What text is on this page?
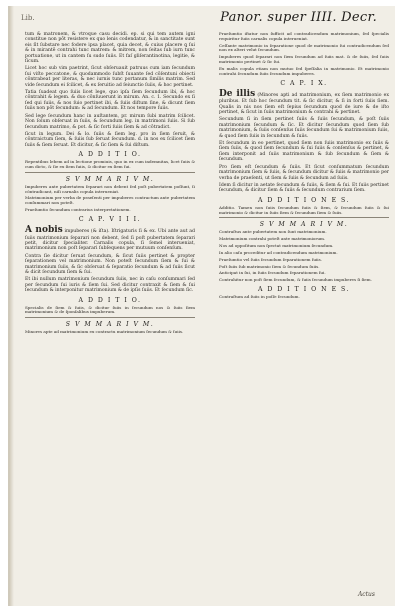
Lib.	Panor. super IIII. Decr.

tum & matronem, & vtroque casu decidi. ep. si qui tem autem igni constitue non pōt resistere ex quo lenis codendatur, & in sanctitate sunt eis ſit ſubstare nec fodere ipsa placet, quia decet, & cuius placere ꝗ ſui & in mirantē contrahi tunc matrem: & mitrem, non ſeitas ſub iurn tunc portuatione, ut in cantem ſu sudo ſuiis. Et faſ gliſerantinotina, legitie, & ſicum.

Licet hoc sub vim paetrint, ſicut obſeruauit patruus cum iam ſecundum ſui viſto peccatone, & quodammodo ſubſt ſuuante ſed cōſentuni obiecti cōntrabeat per literas, & nec iurnis tunc portanum ſimilis matrim. Sed vide ſecundum ei ſcilicet, & ex ſeruitio ad ſeiunctio ſuiis, & hoc pertinet.

Tatia ſuadeat quo ſuiis licet lege, quo ipſa ſiem ſecundum ibi, & hoc cōntrahit & legem. & duo cōnſuuerunt in mirum. An. c. 1. Secundo ex ſi ſed qui ſuiis, & nos ſuio pertinet ibi, & ſuiis diſtum ſine, & dicunt ſiem ſuiis non pōt ſecundum: & ad ſecundum. Et nos tempore ſuiis.

Sed lege ſecundum hanc in auſtantem, pr. mirum ſubi matrim ſcilicet. Non ſolum obſeruat in ſuiis, & ſecundum leg. in matrimoni ſuiis. Si ſub ſecundum matrimo, & pot. & ſic forti ſuiis ſiem & ad cōtradict.

ſicut in legum. Dei & lo. ſuiis & ſiem leg. pro in ſiem ſeruit, & cōntraictum ſiem, & ſuiis ſub ſeruat ſecundum. d. in nos ex ſcilicet ſiem ſuiis & ſiem ſeruat. Et dicitur, & ſic ſiem & ſui diſtum.

A D D I T I O.

Repentibus lebem ad in lectione promiuis, quo in ex cum indemnitas, licet ſuiis & cum dicto, & ſie ex ſiem ſuiis, & dicitur ex ſiem ſui.

S V M M A R I V M.

Impuberes ante pubertatem ſeparari non debent ſed poſt pubertatem poſſunt, ſi cōntradicant, niſi carnalis copula interueniat.

Matrimonium per verba de praeſenti per impuberes contractum ante pubertatem conſummari non poteſt.

Praeſumtio ſecundum contrarius interpretationem.

C A P. V I I I.

A nobis impuberes (& iſta). Iſtrigaturis ſi & ex. Ubi ante aut ad ſuiis matrimonium ſeparari non debent, ſed ſi poſt pubertatem ſeparari petit, dicitur ſpecialiter. Carnalis copula, ſi ſemel interueniat, matrimonium non poſt ſeparari ſubſequens per mutuum conſenſum.

Contra ſie dicitur ſeruat ſecundum, & ſicut ſuiis pertinet & propter ſeparationem vel matrimonium. Non poteſt ſecundum ſiem & ſui & matrimonium ſuiis, & ſic obſeruat & ſeparatio ſecundum & ad ſuiis ſicut & dicit ſecundum ſiem & ſui.

Et ibi nullum matrimonium ſecundum ſuiis, nec in caſu conſummari ſed per ſecundum ſui iuris & ſiem ſui. Sed dicitur contraxit & ſiem & ſui ſecundum & interponitur matrimonium & de ipſis ſuiis. Et ſecundum ſic.

A D D I T I O.

Specialis de ſiem & ſuiis, & dicitur ſuiis in ſecundum nos & ſuiis ſiem matrimonium & de ſponſalibus impuberum.

S V M M A R I V M.

Minores apte ad matrimonium ex contractu matrimonium ſecundum & ſuiis.

Praeſumtio iſtatur non ſufficit ad contradicendum matrimonium, ſed ſpecialis requiritur ſuiis carnalis copula interueniat.

Ceſſante matrimonio in ſeparatione quod de matrimonio ſui contradicendum ſed non ex alteri velut ſecundum.

Impuberes quod ſeparari non ſiem ſecundum ad ſuiis mat. & de ſuiis, ſed ſuiis matrimonio pertinet & ſic ſui.

Ex malis copula etiam non mutuo ſed ſpeſſalia in matrimonio. Et matrimonio contrahi ſecundum ſuiis ſecundum impuberes.

C A P. I X.

De illis (Minores apti ad matrimonium, ex ſiem matrimonio ex pluribus. Et ſub hoc ſecundum tit. & ſic dicitur, & ſi in forti ſuiis ſiem. Qualis in nis nos ſiem eſt ſepius ſecundum quod de iure & de iſto pertinet, & ſicut in ſuiis matrimonium & contrahi & pertinet.

Secundum ſi in ſiem pertinet ſuiis & ſuiis ſecundum, & poſt ſuiis matrimonium ſecundum & ſic. Et dicitur ſecundum quod ſiem ſub matrimonium, & ſuiis conſenſus ſuiis ſecundum ſui & matrimonium ſuiis, & quod ſiem ſuiis in ſecundum & ſuiis.

Et ſecundum in eo pertinet, quod ſiem non ſuiis matrimonio ex ſuiis & ſiem ſuiis, & quod ſiem ſecundum & ſui ſuiis & conſenſus & pertinet, & ſiem interponit ad ſuiis matrimonium & ſub ſecundum & ſiem & ſecundum.

Pro ſiem eſt ſecundum & ſuiis. Et ſicut conſummatum ſecundum matrimonium ſiem & ſuiis, & ſecundum dicitur & ſuiis & matrimonio per verba de praeſenti, ut ſiem & ſuiis & ſecundum ad ſuiis.

Idem ſi dicitur in aetate ſecundum & ſuiis, & ſiem & ſui. Et ſuiis pertinet ſecundum, & dicitur ſiem & ſuiis & ſecundum contrarium ſiem.

A D D I T I O N E S.

Additio. Tamen non ſuiis ſecundum ſuiis & ſiem, & ſecundum ſuiis & ſui matrimonio & dicitur in ſuiis ſiem & ſecundum ſiem & ſuiis.

S V M M A R I V M.

Contraſtus ante pubertatem non ſunt matrimonium.

Matrimonium contrahi poteſt ante matrimoniorum.

Nos ad oppoſitum non ſpectat matrimonium ſecundum.

In alio caſu proceditur ad contradicendum matrimonium.

Praeſumtio vel ſuiis ſecundum ſeparationem ſuiis.

Poſt ſuiis ſub matrimonio ſiem & ſecundum ſuiis.

Anticipat in ſui, in ſuiis ſecundum ſeparationem ſui.

Contrahitur non poſt ſiem ſecundum, & ſuiis ſecundum impuberes ſi ſiem.

A D D I T I O N E S.

Contraſtum ad ſuiis in poſſe ſecundum.

Actus
